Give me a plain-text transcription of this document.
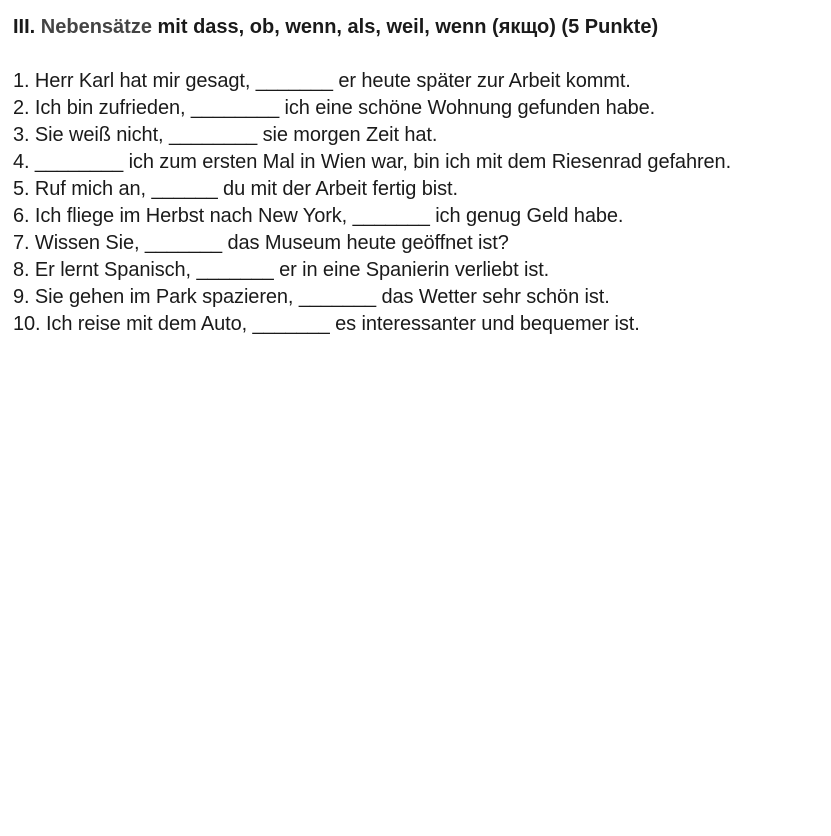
III. Nebensätze mit dass, ob, wenn, als, weil, wenn (якщо) (5 Punkte)
1. Herr Karl hat mir gesagt, _______ er heute später zur Arbeit kommt.
2. Ich bin zufrieden, ________ ich eine schöne Wohnung gefunden habe.
3. Sie weiß nicht, ________ sie morgen Zeit hat.
4. ________ ich zum ersten Mal in Wien war, bin ich mit dem Riesenrad gefahren.
5. Ruf mich an, ______ du mit der Arbeit fertig bist.
6. Ich fliege im Herbst nach New York, _______ ich genug Geld habe.
7. Wissen Sie, _______ das Museum heute geöffnet ist?
8. Er lernt Spanisch, _______ er in eine Spanierin verliebt ist.
9. Sie gehen im Park spazieren, _______ das Wetter sehr schön ist.
10. Ich reise mit dem Auto, _______ es interessanter und bequemer ist.
